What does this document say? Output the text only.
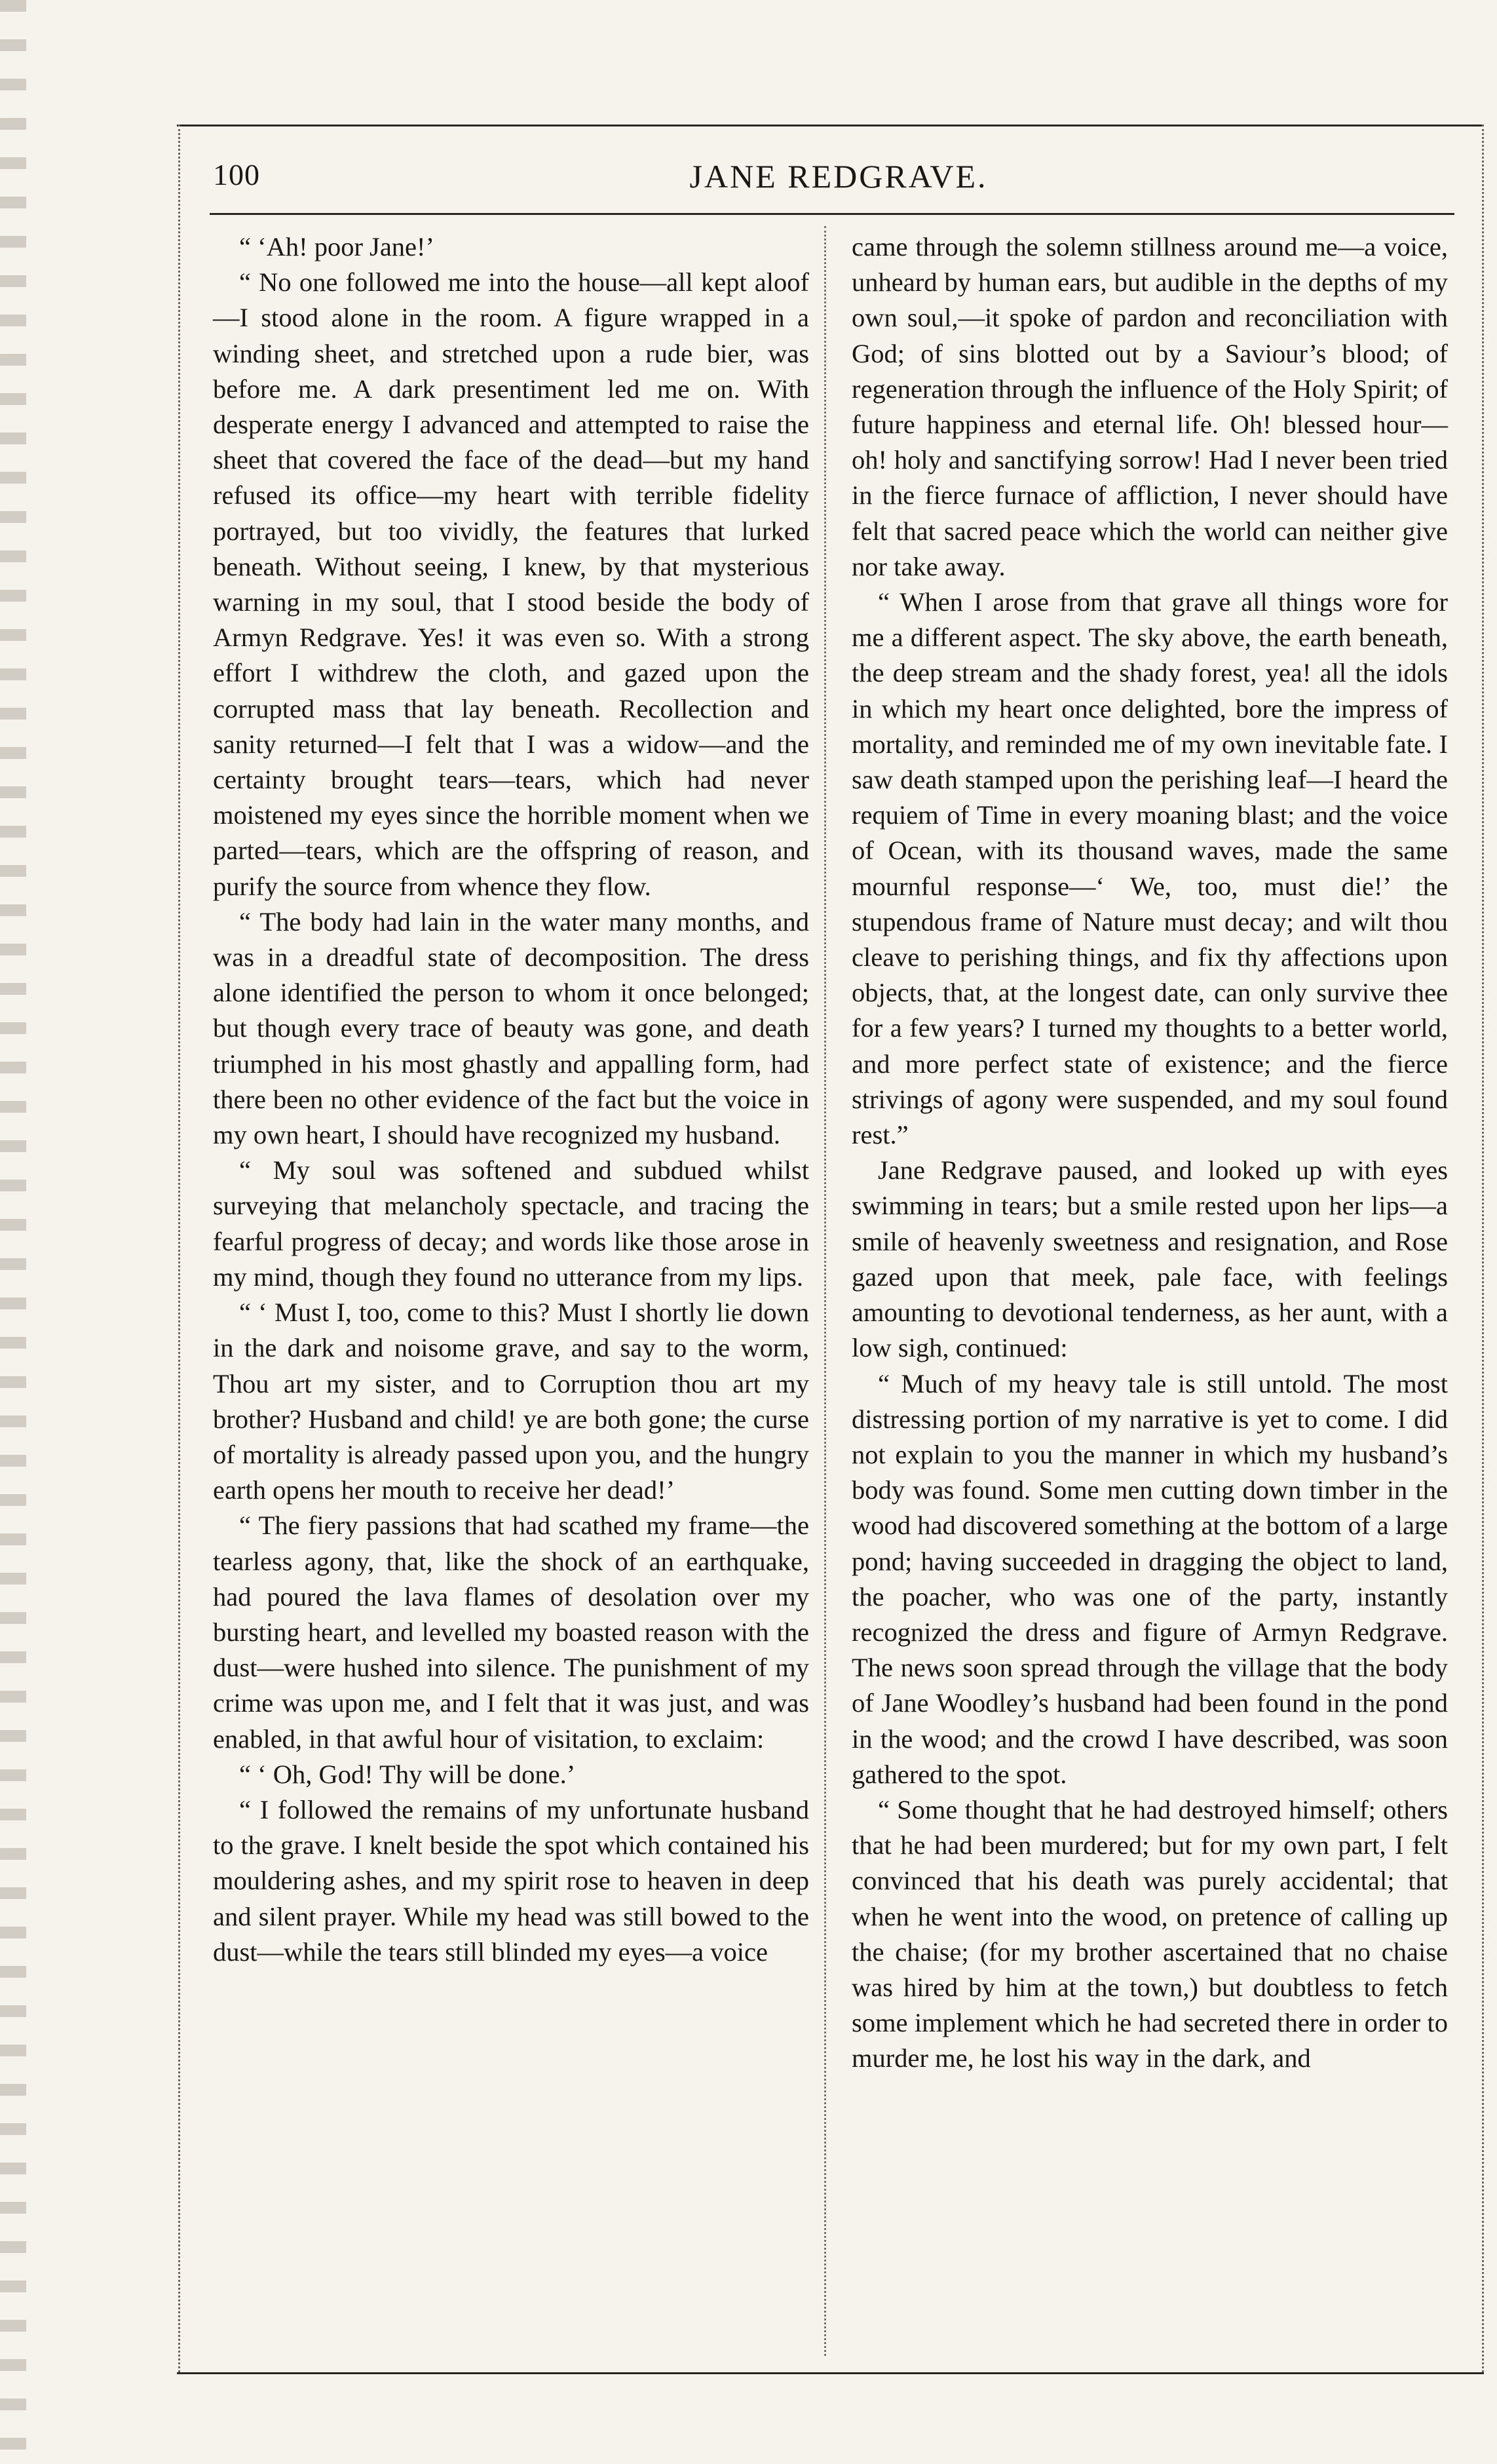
100	JANE REDGRAVE.

“ ‘Ah! poor Jane!’

“ No one followed me into the house—all kept aloof—I stood alone in the room. A figure wrapped in a winding sheet, and stretched upon a rude bier, was before me. A dark presentiment led me on. With desperate energy I advanced and attempted to raise the sheet that covered the face of the dead—but my hand refused its office—my heart with terrible fidelity portrayed, but too vividly, the features that lurked beneath. Without seeing, I knew, by that mysterious warning in my soul, that I stood beside the body of Armyn Redgrave. Yes! it was even so. With a strong effort I withdrew the cloth, and gazed upon the corrupted mass that lay beneath. Recollection and sanity returned—I felt that I was a widow—and the certainty brought tears—tears, which had never moistened my eyes since the horrible moment when we parted—tears, which are the offspring of reason, and purify the source from whence they flow.

“ The body had lain in the water many months, and was in a dreadful state of decomposition. The dress alone identified the person to whom it once belonged; but though every trace of beauty was gone, and death triumphed in his most ghastly and appalling form, had there been no other evidence of the fact but the voice in my own heart, I should have recognized my husband.

“ My soul was softened and subdued whilst surveying that melancholy spectacle, and tracing the fearful progress of decay; and words like those arose in my mind, though they found no utterance from my lips.

“ ‘ Must I, too, come to this? Must I shortly lie down in the dark and noisome grave, and say to the worm, Thou art my sister, and to Corruption thou art my brother? Husband and child! ye are both gone; the curse of mortality is already passed upon you, and the hungry earth opens her mouth to receive her dead!’

“ The fiery passions that had scathed my frame—the tearless agony, that, like the shock of an earthquake, had poured the lava flames of desolation over my bursting heart, and levelled my boasted reason with the dust—were hushed into silence. The punishment of my crime was upon me, and I felt that it was just, and was enabled, in that awful hour of visitation, to exclaim:

“ ‘ Oh, God! Thy will be done.’

“ I followed the remains of my unfortunate husband to the grave. I knelt beside the spot which contained his mouldering ashes, and my spirit rose to heaven in deep and silent prayer. While my head was still bowed to the dust—while the tears still blinded my eyes—a voice

came through the solemn stillness around me—a voice, unheard by human ears, but audible in the depths of my own soul,—it spoke of pardon and reconciliation with God; of sins blotted out by a Saviour’s blood; of regeneration through the influence of the Holy Spirit; of future happiness and eternal life. Oh! blessed hour—oh! holy and sanctifying sorrow! Had I never been tried in the fierce furnace of affliction, I never should have felt that sacred peace which the world can neither give nor take away.

“ When I arose from that grave all things wore for me a different aspect. The sky above, the earth beneath, the deep stream and the shady forest, yea! all the idols in which my heart once delighted, bore the impress of mortality, and reminded me of my own inevitable fate. I saw death stamped upon the perishing leaf—I heard the requiem of Time in every moaning blast; and the voice of Ocean, with its thousand waves, made the same mournful response—‘ We, too, must die!’ the stupendous frame of Nature must decay; and wilt thou cleave to perishing things, and fix thy affections upon objects, that, at the longest date, can only survive thee for a few years? I turned my thoughts to a better world, and more perfect state of existence; and the fierce strivings of agony were suspended, and my soul found rest.”

Jane Redgrave paused, and looked up with eyes swimming in tears; but a smile rested upon her lips—a smile of heavenly sweetness and resignation, and Rose gazed upon that meek, pale face, with feelings amounting to devotional tenderness, as her aunt, with a low sigh, continued:

“ Much of my heavy tale is still untold. The most distressing portion of my narrative is yet to come. I did not explain to you the manner in which my husband’s body was found. Some men cutting down timber in the wood had discovered something at the bottom of a large pond; having succeeded in dragging the object to land, the poacher, who was one of the party, instantly recognized the dress and figure of Armyn Redgrave. The news soon spread through the village that the body of Jane Woodley’s husband had been found in the pond in the wood; and the crowd I have described, was soon gathered to the spot.

“ Some thought that he had destroyed himself; others that he had been murdered; but for my own part, I felt convinced that his death was purely accidental; that when he went into the wood, on pretence of calling up the chaise; (for my brother ascertained that no chaise was hired by him at the town,) but doubtless to fetch some implement which he had secreted there in order to murder me, he lost his way in the dark, and
